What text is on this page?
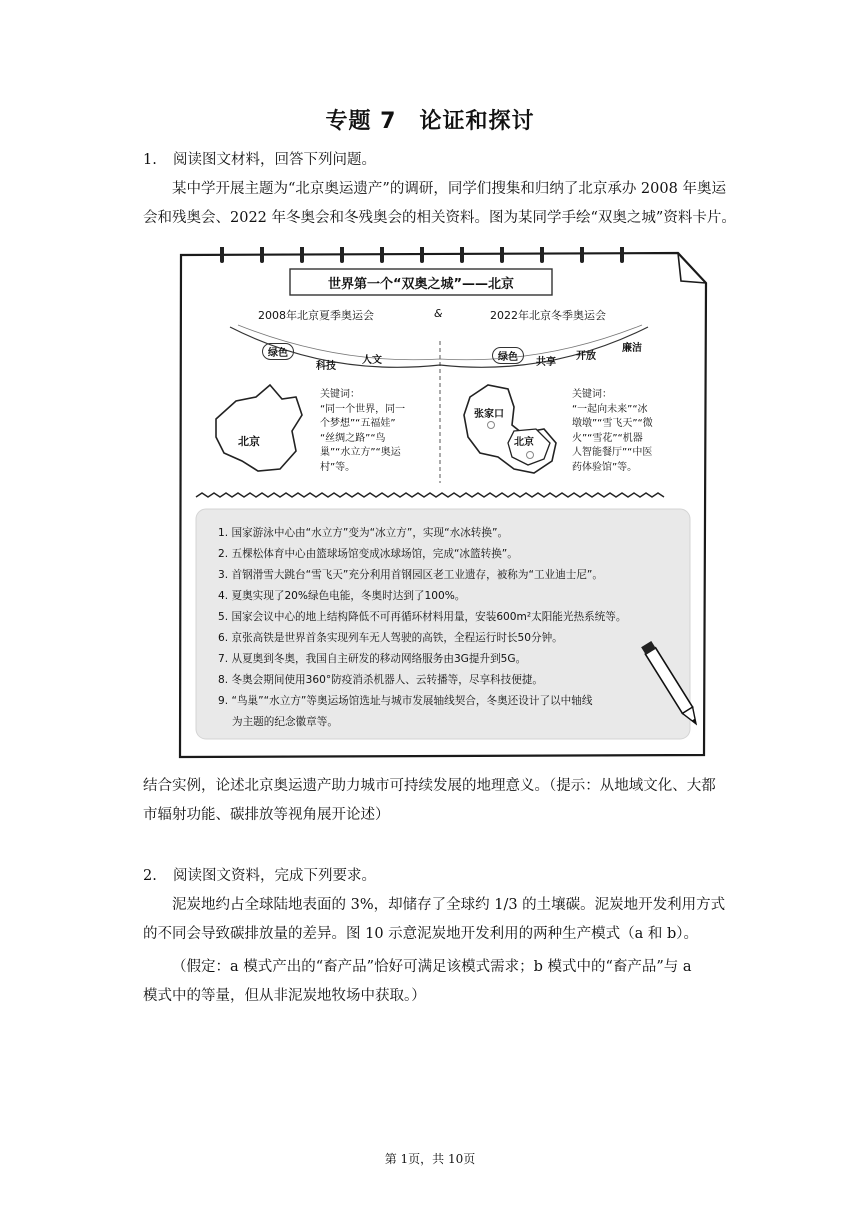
专题 7　论证和探讨
1. 阅读图文材料，回答下列问题。
某中学开展主题为“北京奥运遗产”的调研，同学们搜集和归纳了北京承办 2008 年奥运
会和残奥会、2022 年冬奥会和冬残奥会的相关资料。图为某同学手绘“双奥之城”资料卡片。
世界第一个“双奥之城”——北京
2008年北京夏季奥运会	&	2022年北京冬季奥运会
绿色
科技
人文	绿色	共享
开放
廉洁
北京
张家口
北京
关键词：
“同一个世界，同一
个梦想”“五福娃”
“丝绸之路”“鸟
巢”“水立方”“奥运
村”等。
关键词：
“一起向未来”“冰
墩墩”“雪飞天”“微
火”“雪花”“机器
人智能餐厅”“中医
药体验馆”等。
1. 国家游泳中心由“水立方”变为“冰立方”，实现“水冰转换”。
2. 五棵松体育中心由篮球场馆变成冰球场馆，完成“冰篮转换”。
3. 首钢滑雪大跳台“雪飞天”充分利用首钢园区老工业遗存，被称为“工业迪士尼”。
4. 夏奥实现了20%绿色电能，冬奥时达到了100%。
5. 国家会议中心的地上结构降低不可再循环材料用量，安装600m²太阳能光热系统等。
6. 京张高铁是世界首条实现列车无人驾驶的高铁，全程运行时长50分钟。
7. 从夏奥到冬奥，我国自主研发的移动网络服务由3G提升到5G。
8. 冬奥会期间使用360°防疫消杀机器人、云转播等，尽享科技便捷。
9. “鸟巢”“水立方”等奥运场馆选址与城市发展轴线契合，冬奥还设计了以中轴线
为主题的纪念徽章等。
结合实例，论述北京奥运遗产助力城市可持续发展的地理意义。（提示：从地域文化、大都
市辐射功能、碳排放等视角展开论述）
2. 阅读图文资料，完成下列要求。
泥炭地约占全球陆地表面的 3%，却储存了全球约 1/3 的土壤碳。泥炭地开发利用方式
的不同会导致碳排放量的差异。图 10 示意泥炭地开发利用的两种生产模式（a 和 b）。
（假定：a 模式产出的“畜产品”恰好可满足该模式需求；b 模式中的“畜产品”与 a
模式中的等量，但从非泥炭地牧场中获取。）
第 1页，共 10页
